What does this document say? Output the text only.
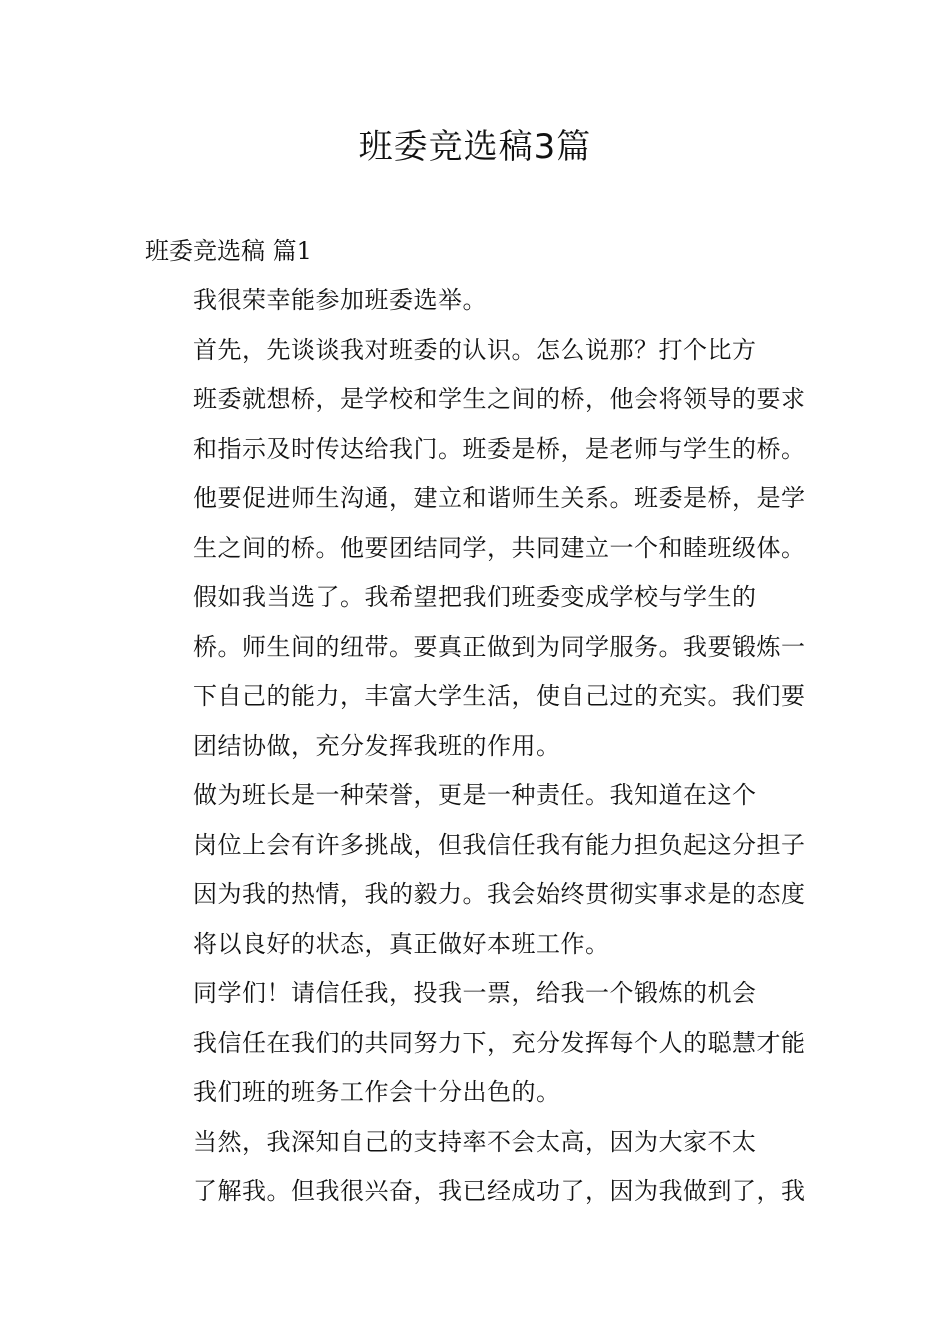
班委竞选稿3篇
班委竞选稿 篇1
我很荣幸能参加班委选举。
首先，先谈谈我对班委的认识。怎么说那？打个比方
班委就想桥，是学校和学生之间的桥，他会将领导的要求
和指示及时传达给我门。班委是桥，是老师与学生的桥。
他要促进师生沟通，建立和谐师生关系。班委是桥，是学
生之间的桥。他要团结同学，共同建立一个和睦班级体。
假如我当选了。我希望把我们班委变成学校与学生的
桥。师生间的纽带。要真正做到为同学服务。我要锻炼一
下自己的能力，丰富大学生活，使自己过的充实。我们要
团结协做，充分发挥我班的作用。
做为班长是一种荣誉，更是一种责任。我知道在这个
岗位上会有许多挑战，但我信任我有能力担负起这分担子
因为我的热情，我的毅力。我会始终贯彻实事求是的态度
将以良好的状态，真正做好本班工作。
同学们！请信任我，投我一票，给我一个锻炼的机会
我信任在我们的共同努力下，充分发挥每个人的聪慧才能
我们班的班务工作会十分出色的。
当然，我深知自己的支持率不会太高，因为大家不太
了解我。但我很兴奋，我已经成功了，因为我做到了，我
